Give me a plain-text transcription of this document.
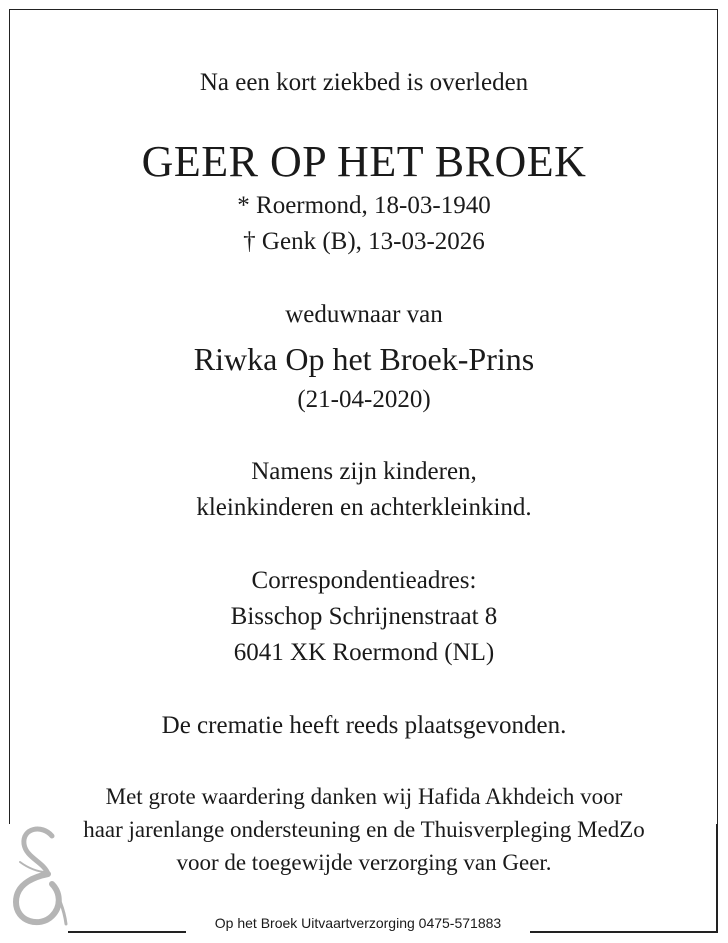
Na een kort ziekbed is overleden
GEER OP HET BROEK
* Roermond, 18-03-1940
† Genk (B), 13-03-2026
weduwnaar van
Riwka Op het Broek-Prins
(21-04-2020)
Namens zijn kinderen,
kleinkinderen en achterkleinkind.
Correspondentieadres:
Bisschop Schrijnenstraat 8
6041 XK Roermond (NL)
De crematie heeft reeds plaatsgevonden.
Met grote waardering danken wij Hafida Akhdeich voor
haar jarenlange ondersteuning en de Thuisverpleging MedZo
voor de toegewijde verzorging van Geer.
Op het Broek Uitvaartverzorging 0475-571883
